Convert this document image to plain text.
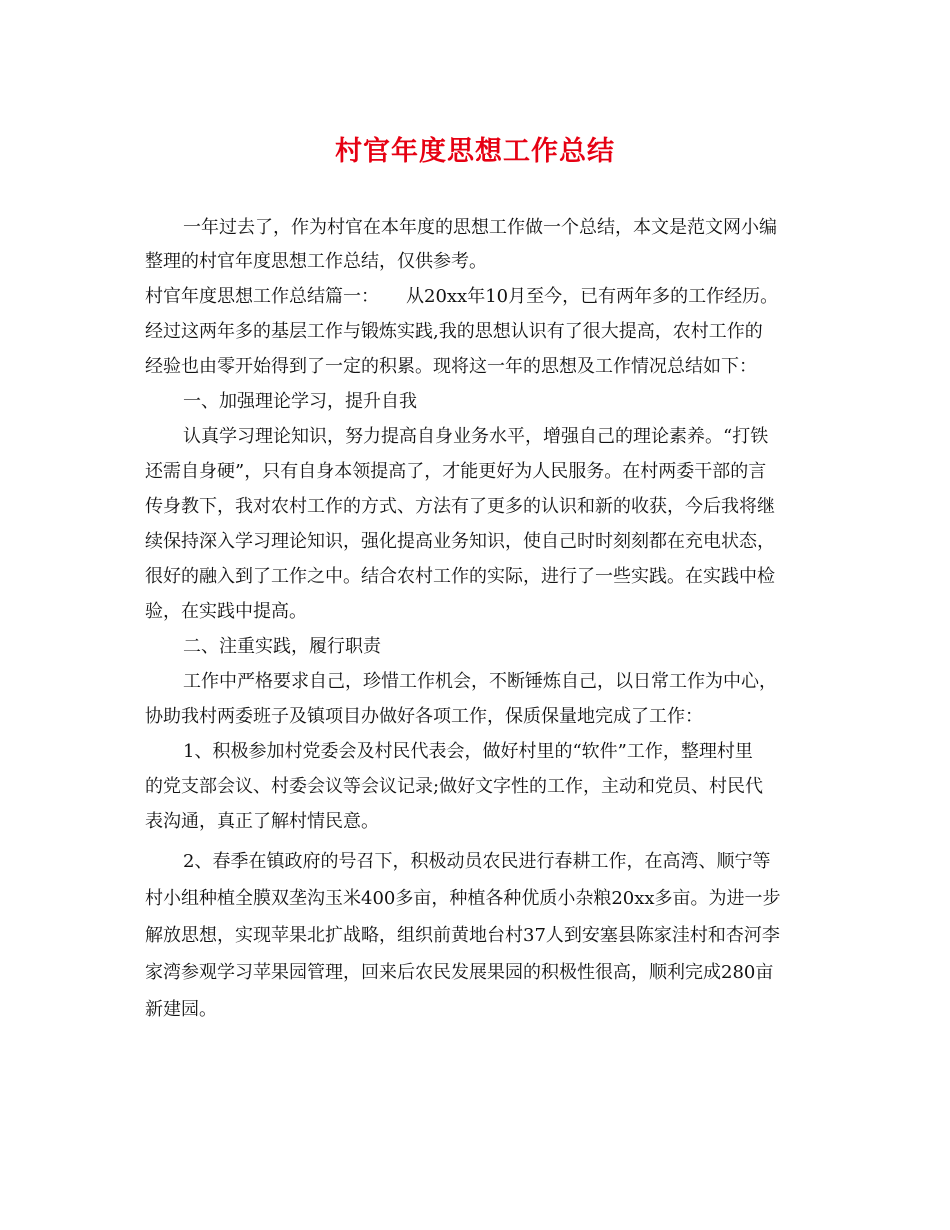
村官年度思想工作总结
一年过去了，作为村官在本年度的思想工作做一个总结，本文是范文网小编
整理的村官年度思想工作总结，仅供参考。
村官年度思想工作总结篇一：　　从20xx年10月至今，已有两年多的工作经历。
经过这两年多的基层工作与锻炼实践,我的思想认识有了很大提高，农村工作的
经验也由零开始得到了一定的积累。现将这一年的思想及工作情况总结如下：
一、加强理论学习，提升自我
认真学习理论知识，努力提高自身业务水平，增强自己的理论素养。“打铁
还需自身硬”，只有自身本领提高了，才能更好为人民服务。在村两委干部的言
传身教下，我对农村工作的方式、方法有了更多的认识和新的收获，今后我将继
续保持深入学习理论知识，强化提高业务知识，使自己时时刻刻都在充电状态，
很好的融入到了工作之中。结合农村工作的实际，进行了一些实践。在实践中检
验，在实践中提高。
二、注重实践，履行职责
工作中严格要求自己，珍惜工作机会，不断锤炼自己，以日常工作为中心，
协助我村两委班子及镇项目办做好各项工作，保质保量地完成了工作：
1、积极参加村党委会及村民代表会，做好村里的“软件”工作，整理村里
的党支部会议、村委会议等会议记录;做好文字性的工作，主动和党员、村民代
表沟通，真正了解村情民意。
2、春季在镇政府的号召下，积极动员农民进行春耕工作，在高湾、顺宁等
村小组种植全膜双垄沟玉米400多亩，种植各种优质小杂粮20xx多亩。为进一步
解放思想，实现苹果北扩战略，组织前黄地台村37人到安塞县陈家洼村和杏河李
家湾参观学习苹果园管理，回来后农民发展果园的积极性很高，顺利完成280亩
新建园。
